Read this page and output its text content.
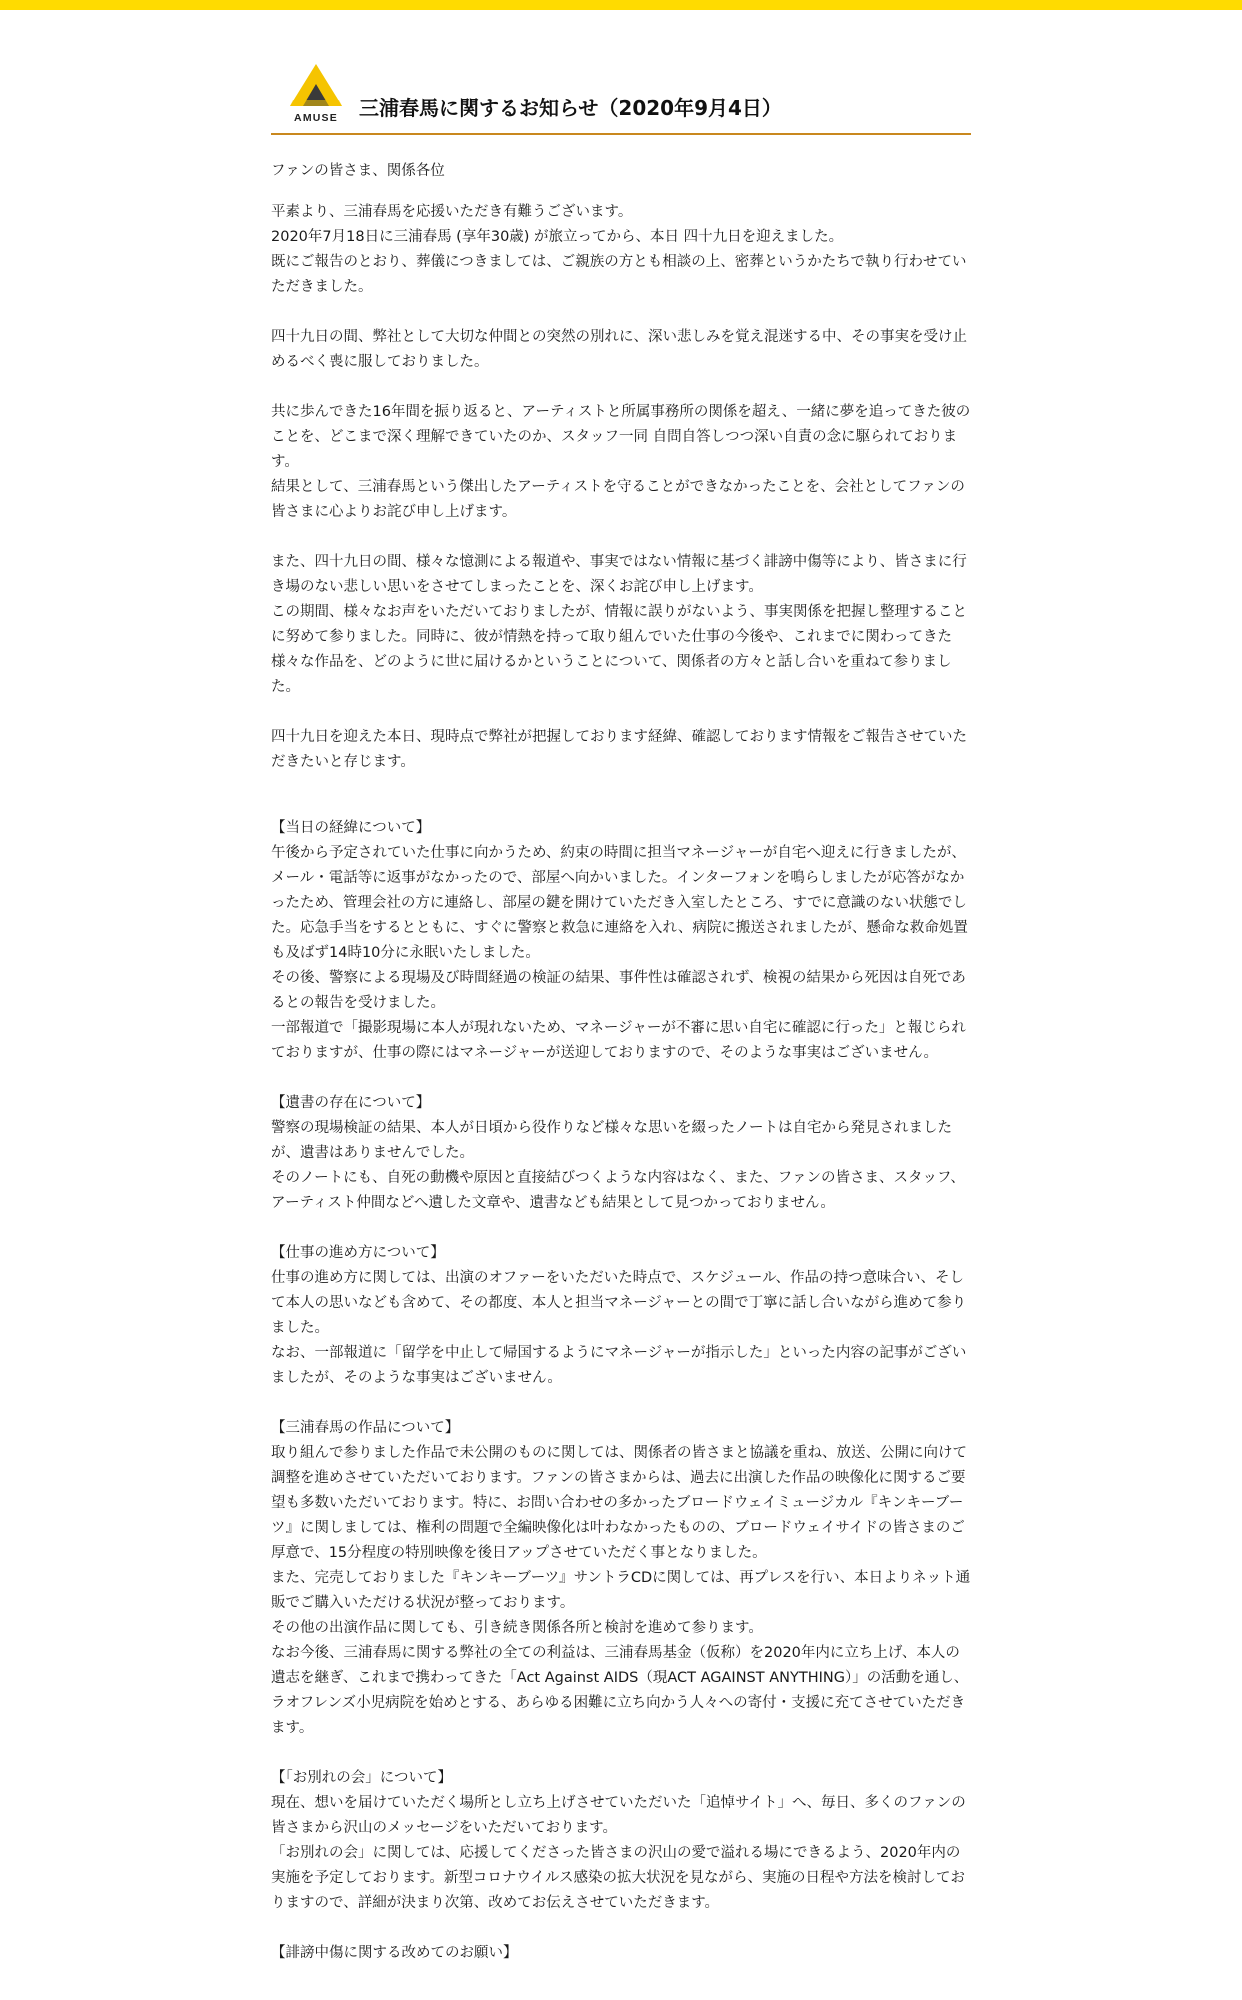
AMUSE	三浦春馬に関するお知らせ（2020年9月4日）

ファンの皆さま、関係各位

平素より、三浦春馬を応援いただき有難うございます。

2020年7月18日に三浦春馬 (享年30歳) が旅立ってから、本日 四十九日を迎えました。

既にご報告のとおり、葬儀につきましては、ご親族の方とも相談の上、密葬というかたちで執り行わせていただきました。

四十九日の間、弊社として大切な仲間との突然の別れに、深い悲しみを覚え混迷する中、その事実を受け止めるべく喪に服しておりました。

共に歩んできた16年間を振り返ると、アーティストと所属事務所の関係を超え、一緒に夢を追ってきた彼のことを、どこまで深く理解できていたのか、スタッフ一同 自問自答しつつ深い自責の念に駆られております。

結果として、三浦春馬という傑出したアーティストを守ることができなかったことを、会社としてファンの皆さまに心よりお詫び申し上げます。

また、四十九日の間、様々な憶測による報道や、事実ではない情報に基づく誹謗中傷等により、皆さまに行き場のない悲しい思いをさせてしまったことを、深くお詫び申し上げます。

この期間、様々なお声をいただいておりましたが、情報に誤りがないよう、事実関係を把握し整理することに努めて参りました。同時に、彼が情熱を持って取り組んでいた仕事の今後や、これまでに関わってきた様々な作品を、どのように世に届けるかということについて、関係者の方々と話し合いを重ねて参りました。

四十九日を迎えた本日、現時点で弊社が把握しております経緯、確認しております情報をご報告させていただきたいと存じます。

【当日の経緯について】

午後から予定されていた仕事に向かうため、約束の時間に担当マネージャーが自宅へ迎えに行きましたが、メール・電話等に返事がなかったので、部屋へ向かいました。インターフォンを鳴らしましたが応答がなかったため、管理会社の方に連絡し、部屋の鍵を開けていただき入室したところ、すでに意識のない状態でした。応急手当をするとともに、すぐに警察と救急に連絡を入れ、病院に搬送されましたが、懸命な救命処置も及ばず14時10分に永眠いたしました。

その後、警察による現場及び時間経過の検証の結果、事件性は確認されず、検視の結果から死因は自死であるとの報告を受けました。

一部報道で「撮影現場に本人が現れないため、マネージャーが不審に思い自宅に確認に行った」と報じられておりますが、仕事の際にはマネージャーが送迎しておりますので、そのような事実はございません。

【遺書の存在について】

警察の現場検証の結果、本人が日頃から役作りなど様々な思いを綴ったノートは自宅から発見されましたが、遺書はありませんでした。

そのノートにも、自死の動機や原因と直接結びつくような内容はなく、また、ファンの皆さま、スタッフ、アーティスト仲間などへ遺した文章や、遺書なども結果として見つかっておりません。

【仕事の進め方について】

仕事の進め方に関しては、出演のオファーをいただいた時点で、スケジュール、作品の持つ意味合い、そして本人の思いなども含めて、その都度、本人と担当マネージャーとの間で丁寧に話し合いながら進めて参りました。

なお、一部報道に「留学を中止して帰国するようにマネージャーが指示した」といった内容の記事がございましたが、そのような事実はございません。

【三浦春馬の作品について】

取り組んで参りました作品で未公開のものに関しては、関係者の皆さまと協議を重ね、放送、公開に向けて調整を進めさせていただいております。ファンの皆さまからは、過去に出演した作品の映像化に関するご要望も多数いただいております。特に、お問い合わせの多かったブロードウェイミュージカル『キンキーブーツ』に関しましては、権利の問題で全編映像化は叶わなかったものの、ブロードウェイサイドの皆さまのご厚意で、15分程度の特別映像を後日アップさせていただく事となりました。

また、完売しておりました『キンキーブーツ』サントラCDに関しては、再プレスを行い、本日よりネット通販でご購入いただける状況が整っております。

その他の出演作品に関しても、引き続き関係各所と検討を進めて参ります。

なお今後、三浦春馬に関する弊社の全ての利益は、三浦春馬基金（仮称）を2020年内に立ち上げ、本人の遺志を継ぎ、これまで携わってきた「Act Against AIDS（現ACT AGAINST ANYTHING）」の活動を通し、ラオフレンズ小児病院を始めとする、あらゆる困難に立ち向かう人々への寄付・支援に充てさせていただきます。

【「お別れの会」について】

現在、想いを届けていただく場所とし立ち上げさせていただいた「追悼サイト」へ、毎日、多くのファンの皆さまから沢山のメッセージをいただいております。

「お別れの会」に関しては、応援してくださった皆さまの沢山の愛で溢れる場にできるよう、2020年内の実施を予定しております。新型コロナウイルス感染の拡大状況を見ながら、実施の日程や方法を検討しておりますので、詳細が決まり次第、改めてお伝えさせていただきます。

【誹謗中傷に関する改めてのお願い】
